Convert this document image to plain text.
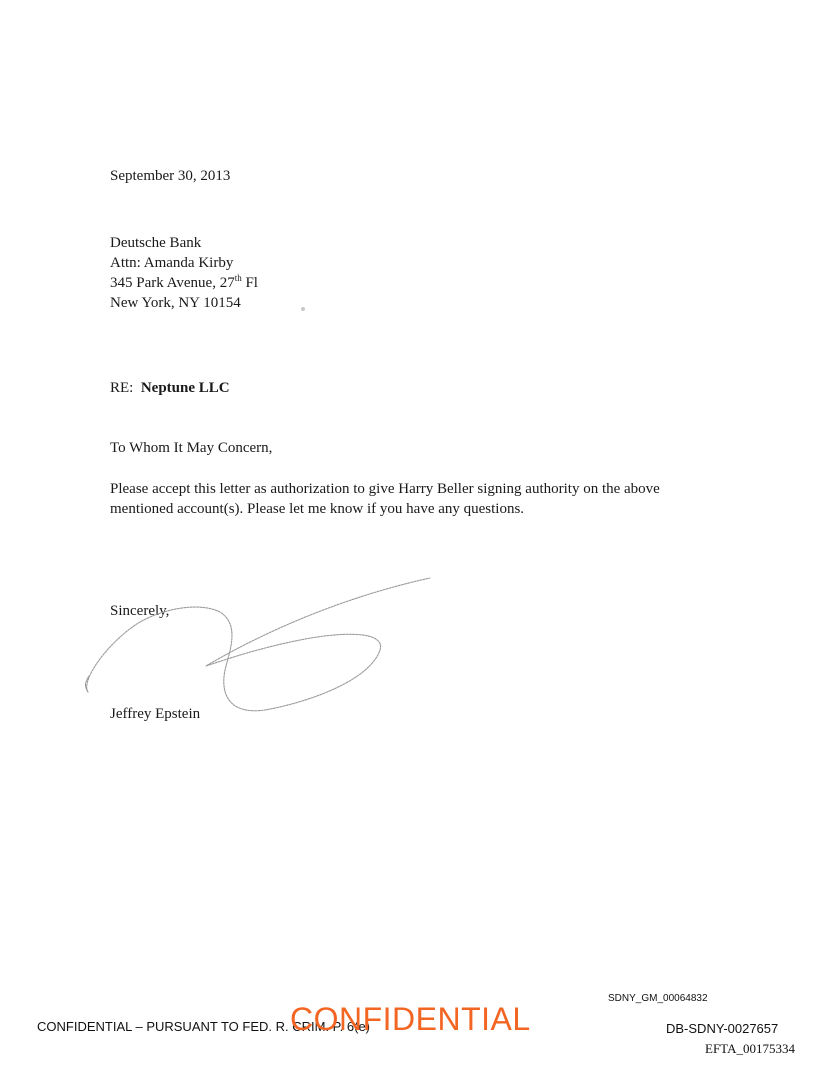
September 30, 2013
Deutsche Bank
Attn: Amanda Kirby
345 Park Avenue, 27th Fl
New York, NY 10154
RE: Neptune LLC
To Whom It May Concern,
Please accept this letter as authorization to give Harry Beller signing authority on the above
mentioned account(s). Please let me know if you have any questions.
Sincerely,
Jeffrey Epstein
SDNY_GM_00064832
CONFIDENTIAL – PURSUANT TO FED. R. CRIM. P. 6(e)
CONFIDENTIAL	DB-SDNY-0027657
EFTA_00175334
